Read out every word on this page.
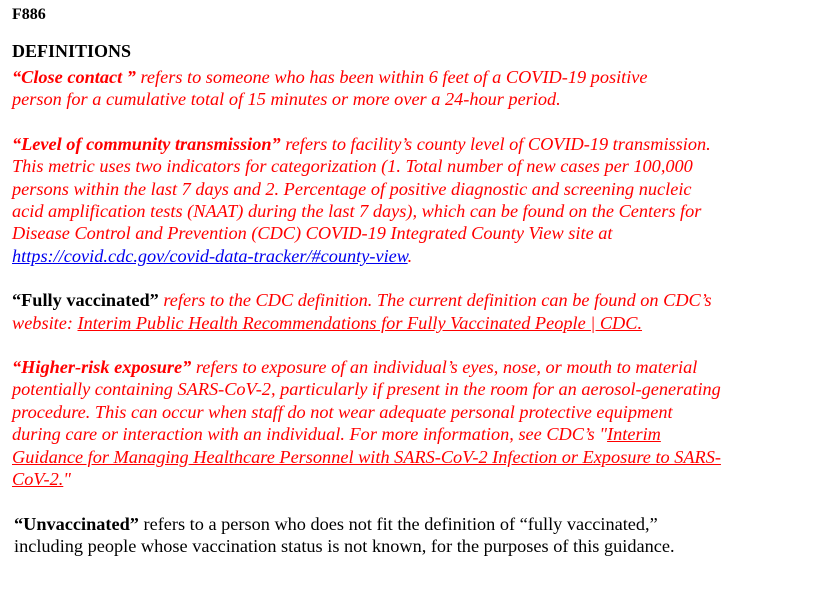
F886
DEFINITIONS
“Close contact ” refers to someone who has been within 6 feet of a COVID-19 positive
person for a cumulative total of 15 minutes or more over a 24-hour period.
“Level of community transmission” refers to facility’s county level of COVID-19 transmission.
This metric uses two indicators for categorization (1. Total number of new cases per 100,000
persons within the last 7 days and 2. Percentage of positive diagnostic and screening nucleic
acid amplification tests (NAAT) during the last 7 days), which can be found on the Centers for
Disease Control and Prevention (CDC) COVID-19 Integrated County View site at
https://covid.cdc.gov/covid-data-tracker/#county-view.
“Fully vaccinated” refers to the CDC definition. The current definition can be found on CDC’s
website: Interim Public Health Recommendations for Fully Vaccinated People | CDC.
“Higher-risk exposure” refers to exposure of an individual’s eyes, nose, or mouth to material
potentially containing SARS-CoV-2, particularly if present in the room for an aerosol-generating
procedure. This can occur when staff do not wear adequate personal protective equipment
during care or interaction with an individual. For more information, see CDC’s "Interim
Guidance for Managing Healthcare Personnel with SARS-CoV-2 Infection or Exposure to SARS-
CoV-2."
“Unvaccinated” refers to a person who does not fit the definition of “fully vaccinated,”
including people whose vaccination status is not known, for the purposes of this guidance.
